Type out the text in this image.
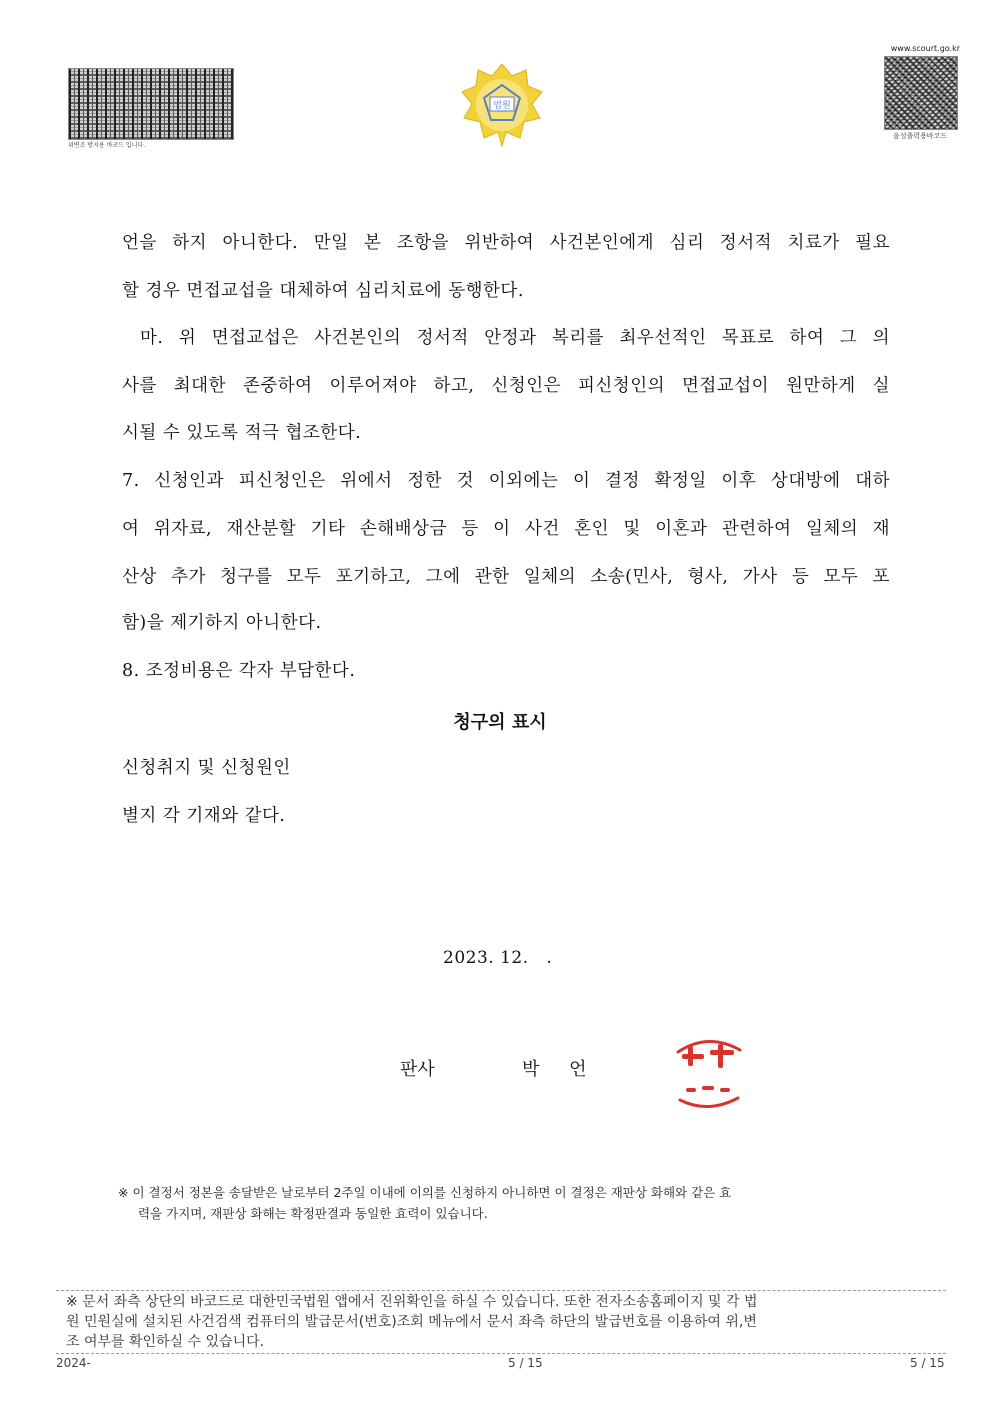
위변조 방지용 바코드 입니다.
법원
www.scourt.go.kr
음성출력용바코드
언을 하지 아니한다. 만일 본 조항을 위반하여 사건본인에게 심리 정서적 치료가 필요
할 경우 면접교섭을 대체하여 심리치료에 동행한다.
마. 위 면접교섭은 사건본인의 정서적 안정과 복리를 최우선적인 목표로 하여 그 의
사를 최대한 존중하여 이루어져야 하고, 신청인은 피신청인의 면접교섭이 원만하게 실
시될 수 있도록 적극 협조한다.
7. 신청인과 피신청인은 위에서 정한 것 이외에는 이 결정 확정일 이후 상대방에 대하
여 위자료, 재산분할 기타 손해배상금 등 이 사건 혼인 및 이혼과 관련하여 일체의 재
산상 추가 청구를 모두 포기하고, 그에 관한 일체의 소송(민사, 형사, 가사 등 모두 포
함)을 제기하지 아니한다.
8. 조정비용은 각자 부담한다.
청구의 표시
신청취지 및 신청원인
별지 각 기재와 같다.
2023. 12.   .
판사	박 언
※ 이 결정서 정본을 송달받은 날로부터 2주일 이내에 이의를 신청하지 아니하면 이 결정은 재판상 화해와 같은 효
력을 가지며, 재판상 화해는 확정판결과 동일한 효력이 있습니다.
※ 문서 좌측 상단의 바코드로 대한민국법원 앱에서 진위확인을 하실 수 있습니다. 또한 전자소송홈페이지 및 각 법
원 민원실에 설치된 사건검색 컴퓨터의 발급문서(번호)조회 메뉴에서 문서 좌측 하단의 발급번호를 이용하여 위,변
조 여부를 확인하실 수 있습니다.
2024-	5 / 15	5 / 15
